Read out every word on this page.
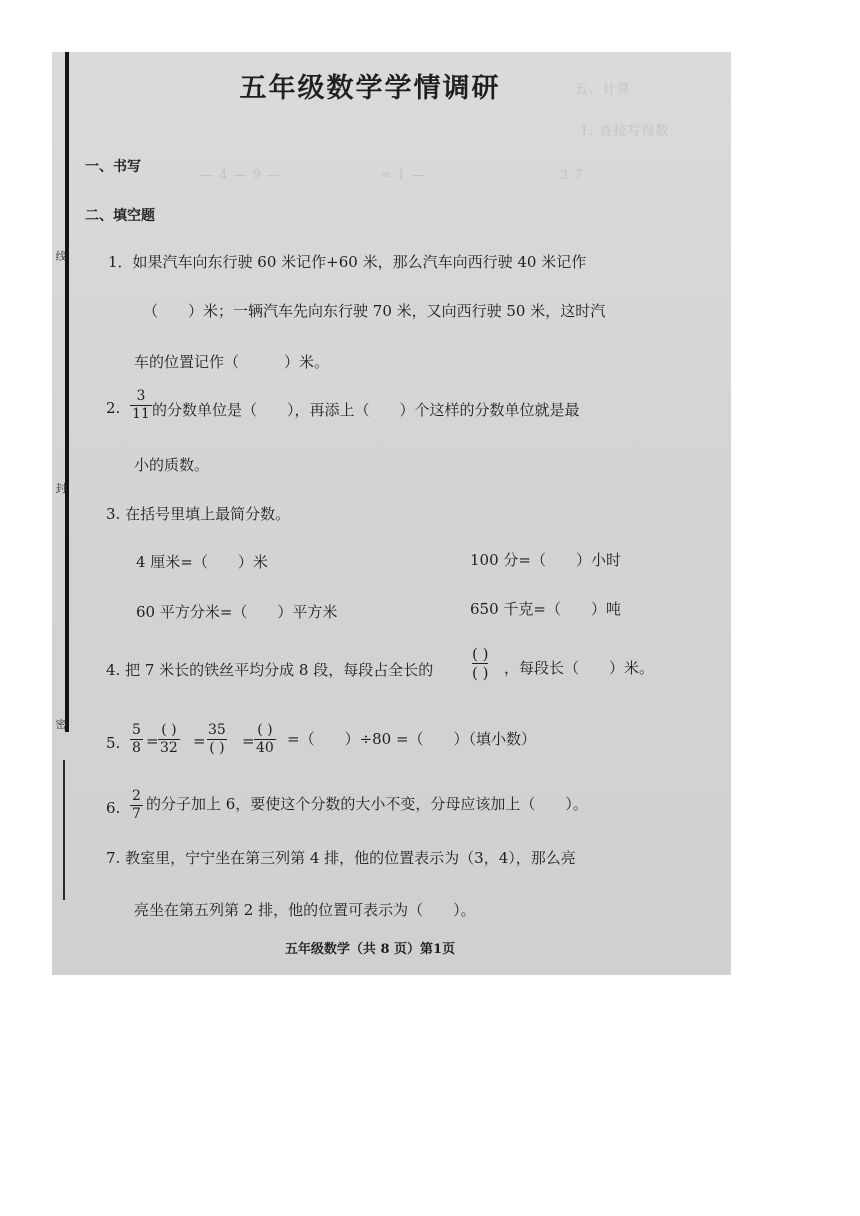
线
封
密
五、计算
1. 直接写得数
— 4 — 9 —	= 1 —	3 7
五年级数学学情调研
一、书写
二、填空题
1．如果汽车向东行驶 60 米记作+60 米，那么汽车向西行驶 40 米记作
（　　）米；一辆汽车先向东行驶 70 米，又向西行驶 50 米，这时汽
车的位置记作（　　　）米。
2. $\frac{3}{11}$ 的分数单位是（　　），再添上（　　）个这样的分数单位就是最
小的质数。
3. 在括号里填上最简分数。
4 厘米=（　　）米	100 分=（　　）小时
60 平方分米=（　　）平方米	650 千克=（　　）吨
4. 把 7 米长的铁丝平均分成 8 段，每段占全长的
( )
( ) ，每段长（　　）米。
5. $\frac{5}{8}$ =
( )
32 =
35
( ) =
( )
40 =（　　）÷80 =（　　）（填小数）
6. $\frac{2}{7}$ 的分子加上 6，要使这个分数的大小不变，分母应该加上（　　）。
7. 教室里，宁宁坐在第三列第 4 排，他的位置表示为（3，4），那么亮
亮坐在第五列第 2 排，他的位置可表示为（　　）。
五年级数学（共 8 页）第1页
